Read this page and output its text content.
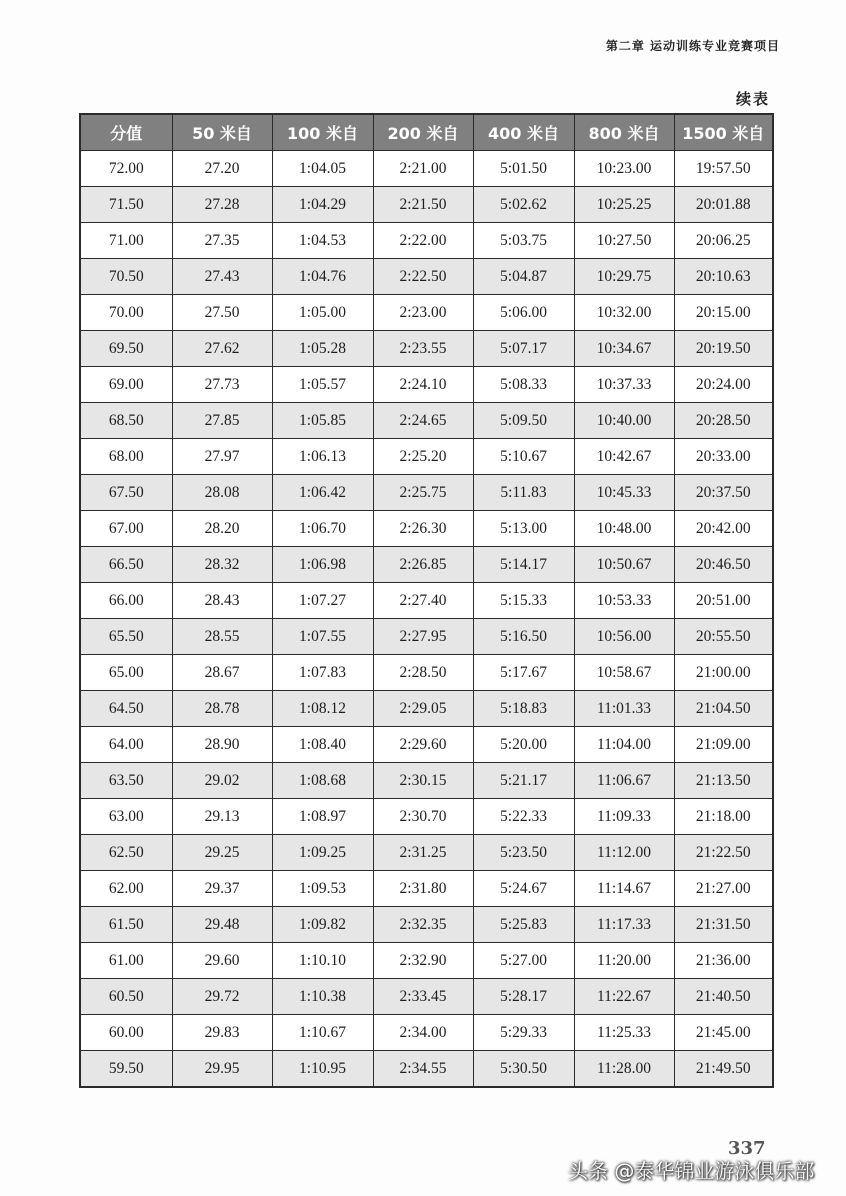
第二章 运动训练专业竞赛项目
续表
分值	50 米自	100 米自	200 米自	400 米自	800 米自	1500 米自
72.00	27.20	1:04.05	2:21.00	5:01.50	10:23.00	19:57.50
71.50	27.28	1:04.29	2:21.50	5:02.62	10:25.25	20:01.88
71.00	27.35	1:04.53	2:22.00	5:03.75	10:27.50	20:06.25
70.50	27.43	1:04.76	2:22.50	5:04.87	10:29.75	20:10.63
70.00	27.50	1:05.00	2:23.00	5:06.00	10:32.00	20:15.00
69.50	27.62	1:05.28	2:23.55	5:07.17	10:34.67	20:19.50
69.00	27.73	1:05.57	2:24.10	5:08.33	10:37.33	20:24.00
68.50	27.85	1:05.85	2:24.65	5:09.50	10:40.00	20:28.50
68.00	27.97	1:06.13	2:25.20	5:10.67	10:42.67	20:33.00
67.50	28.08	1:06.42	2:25.75	5:11.83	10:45.33	20:37.50
67.00	28.20	1:06.70	2:26.30	5:13.00	10:48.00	20:42.00
66.50	28.32	1:06.98	2:26.85	5:14.17	10:50.67	20:46.50
66.00	28.43	1:07.27	2:27.40	5:15.33	10:53.33	20:51.00
65.50	28.55	1:07.55	2:27.95	5:16.50	10:56.00	20:55.50
65.00	28.67	1:07.83	2:28.50	5:17.67	10:58.67	21:00.00
64.50	28.78	1:08.12	2:29.05	5:18.83	11:01.33	21:04.50
64.00	28.90	1:08.40	2:29.60	5:20.00	11:04.00	21:09.00
63.50	29.02	1:08.68	2:30.15	5:21.17	11:06.67	21:13.50
63.00	29.13	1:08.97	2:30.70	5:22.33	11:09.33	21:18.00
62.50	29.25	1:09.25	2:31.25	5:23.50	11:12.00	21:22.50
62.00	29.37	1:09.53	2:31.80	5:24.67	11:14.67	21:27.00
61.50	29.48	1:09.82	2:32.35	5:25.83	11:17.33	21:31.50
61.00	29.60	1:10.10	2:32.90	5:27.00	11:20.00	21:36.00
60.50	29.72	1:10.38	2:33.45	5:28.17	11:22.67	21:40.50
60.00	29.83	1:10.67	2:34.00	5:29.33	11:25.33	21:45.00
59.50	29.95	1:10.95	2:34.55	5:30.50	11:28.00	21:49.50
337
头条 @泰华锦业游泳俱乐部
